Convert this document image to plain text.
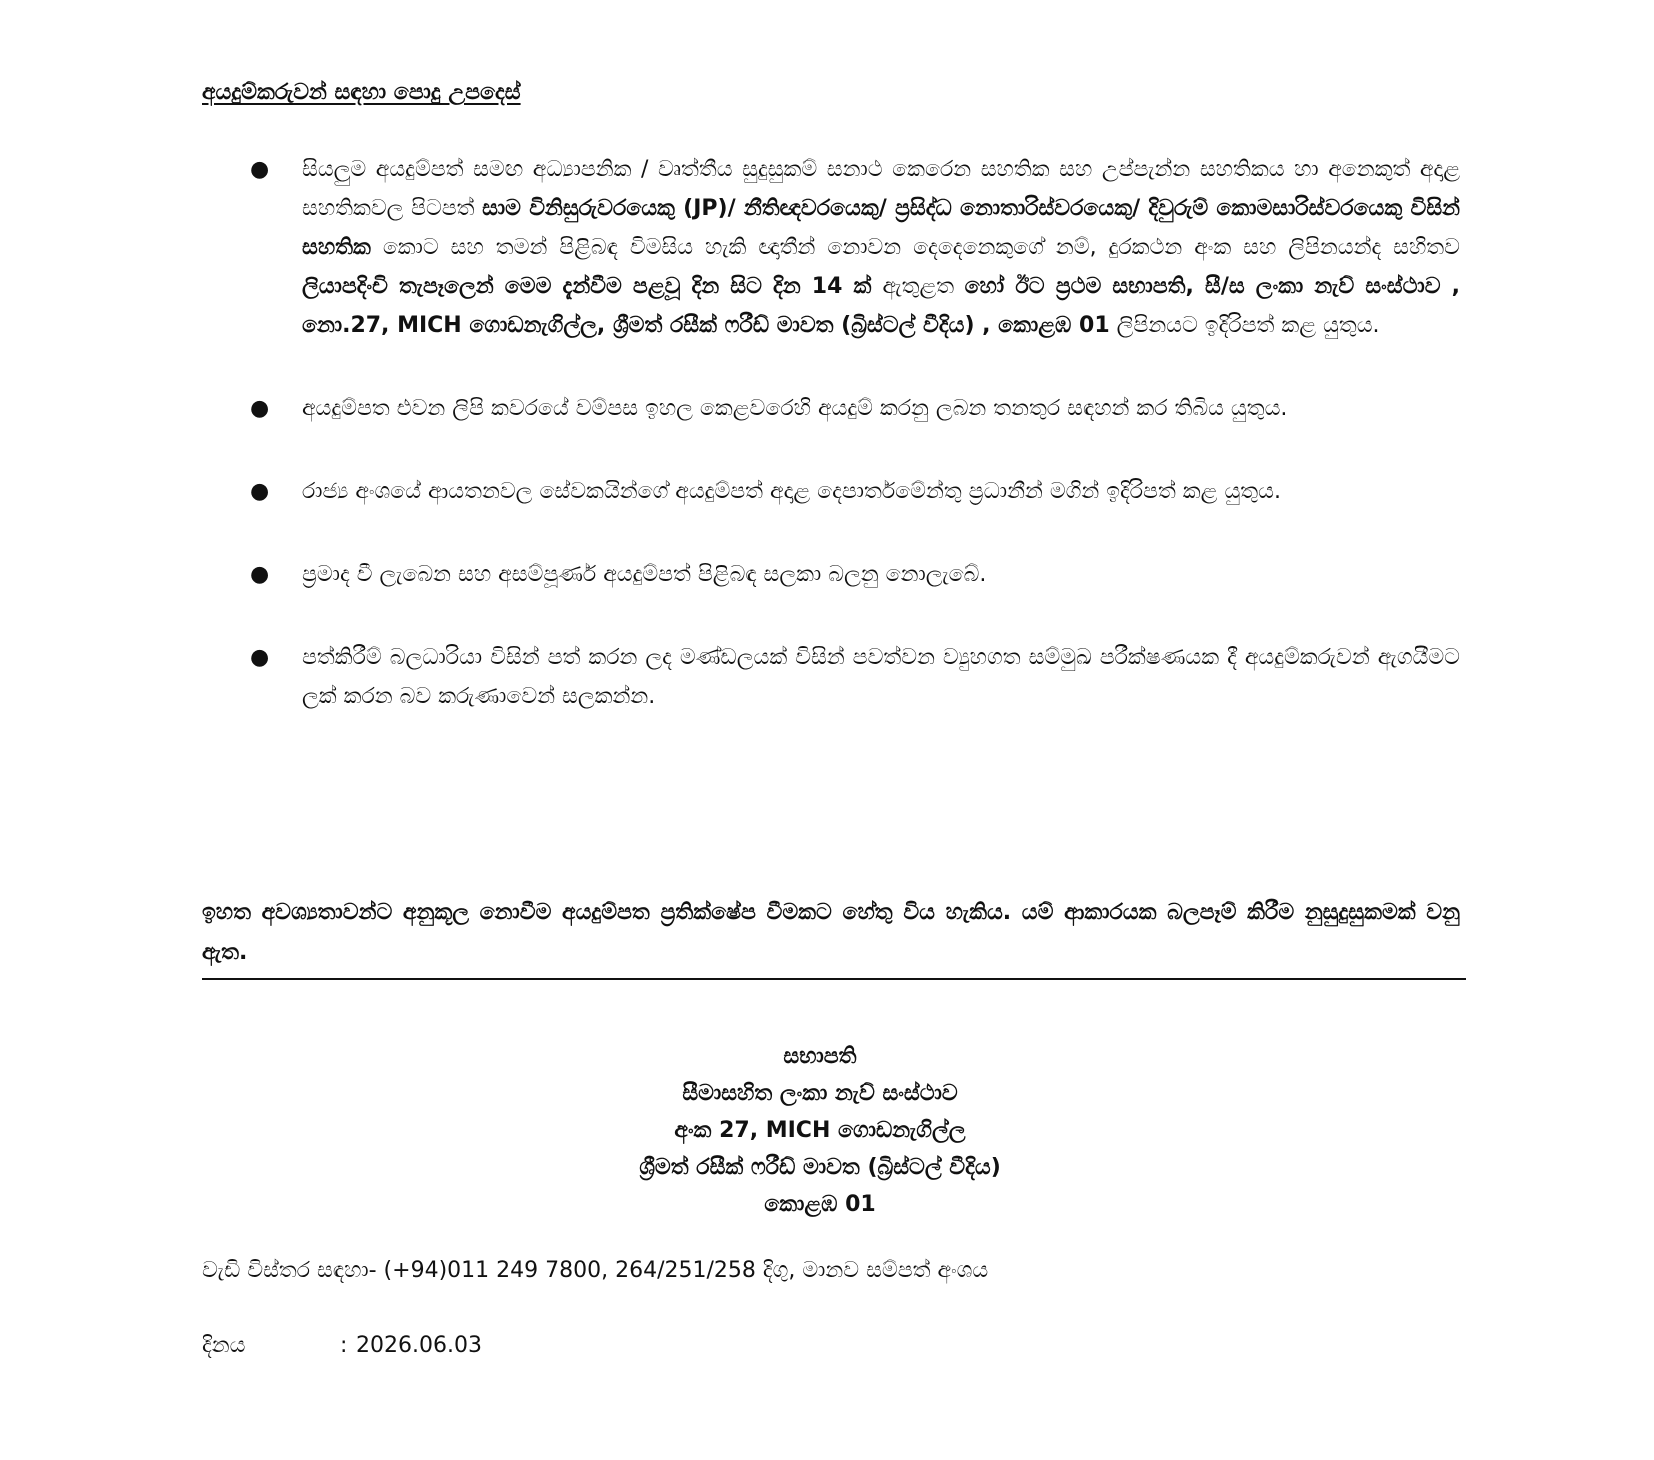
අයදුම්කරුවන් සඳහා පොදු උපදෙස්
● සියලුම අයදුම්පත් සමඟ අධ්‍යාපනික / වෘත්තීය සුදුසුකම් සනාථ කෙරෙන සහතික සහ උප්පැන්න සහතිකය හා අනෙකුත් අදාළ සහතිකවල පිටපත් සාම විනිසුරුවරයෙකු (JP)/ නීතිඥවරයෙකු/ ප්‍රසිද්ධ නොතාරිස්වරයෙකු/ දිවුරුම් කොමසාරිස්වරයෙකු විසින් සහතික කොට සහ තමන් පිළිබඳ විමසිය හැකි ඥාතීන් නොවන දෙදෙනෙකුගේ නම්, දුරකථන අංක සහ ලිපිනයන්ද සහිතව ලියාපදිංචි තැපෑලෙන් මෙම දැන්වීම පළවූ දින සිට දින 14 ක් ඇතුළත හෝ ඊට ප්‍රථම සභාපති, සී/ස ලංකා නැව් සංස්ථාව , නො.27, MICH ගොඩනැගිල්ල, ශ්‍රීමත් රසීක් ෆරීඩ් මාවත (බ්‍රිස්ටල් වීදිය) , කොළඹ 01 ලිපිනයට ඉදිරිපත් කළ යුතුය.
● අයදුම්පත එවන ලිපි කවරයේ වම්පස ඉහල කෙළවරෙහි අයදුම් කරනු ලබන තනතුර සඳහන් කර තිබිය යුතුය.
● රාජ්‍ය අංශයේ ආයතනවල සේවකයින්ගේ අයදුම්පත් අදාළ දෙපාර්තමේන්තු ප්‍රධානීන් මගින් ඉදිරිපත් කළ යුතුය.
● ප්‍රමාද වී ලැබෙන සහ අසම්පූර්ණ අයදුම්පත් පිළිබඳ සලකා බලනු නොලැබේ.
● පත්කිරීම් බලධාරියා විසින් පත් කරන ලද මණ්ඩලයක් විසින් පවත්වන ව්‍යුහගත සම්මුඛ පරීක්ෂණයක දී අයදුම්කරුවන් ඇගයීමට ලක් කරන බව කරුණාවෙන් සලකන්න.
ඉහත අවශ්‍යතාවන්ට අනුකූල නොවීම අයදුම්පත ප්‍රතික්ෂේප වීමකට හේතු විය හැකිය. යම් ආකාරයක බලපෑම් කිරීම නුසුදුසුකමක් වනු ඇත.
සභාපති
සීමාසහිත ලංකා නැව් සංස්ථාව
අංක 27, MICH ගොඩනැගිල්ල
ශ්‍රීමත් රසීක් ෆරීඩ් මාවත (බ්‍රිස්ටල් වීදිය)
කොළඹ 01
වැඩි විස්තර සඳහා- (+94)011 249 7800, 264/251/258 දිගු, මානව සම්පත් අංශය
දිනය	: 2026.06.03
